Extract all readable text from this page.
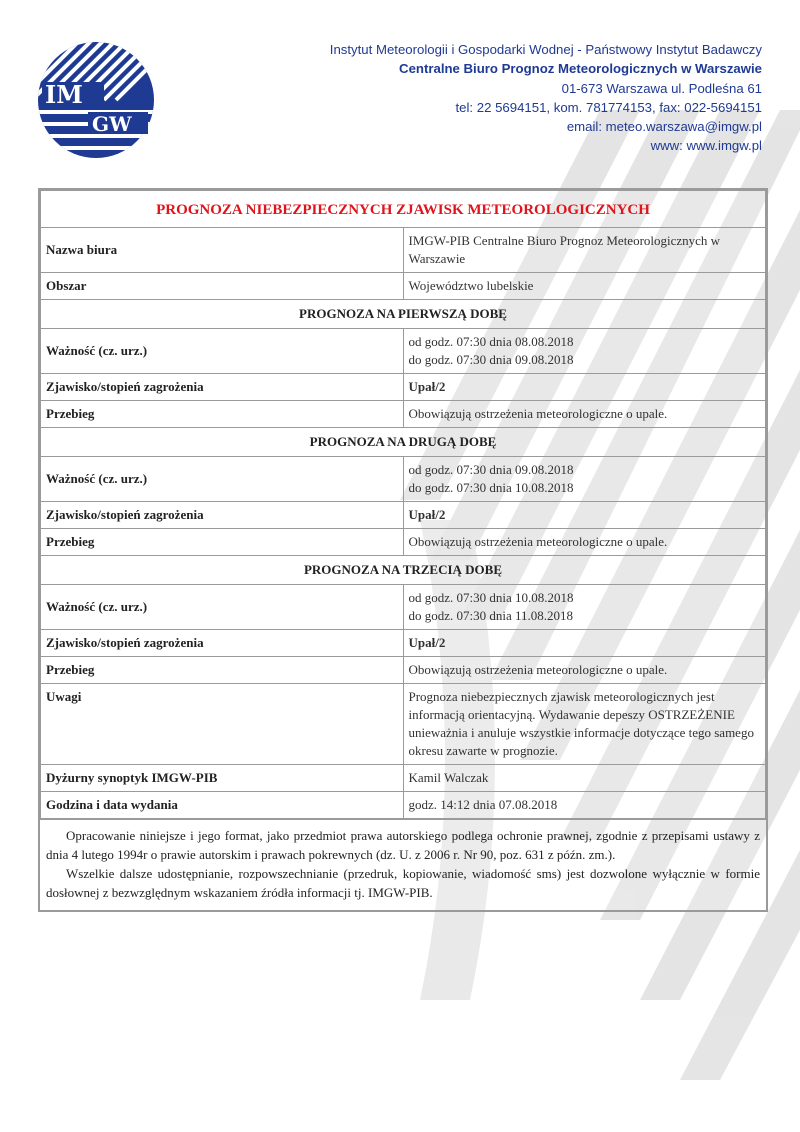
IM
GW
Instytut Meteorologii i Gospodarki Wodnej - Państwowy Instytut Badawczy
Centralne Biuro Prognoz Meteorologicznych w Warszawie
01-673 Warszawa ul. Podleśna 61
tel: 22 5694151, kom. 781774153, fax: 022-5694151
email: meteo.warszawa@imgw.pl
www: www.imgw.pl
PROGNOZA NIEBEZPIECZNYCH ZJAWISK METEOROLOGICZNYCH	
Nazwa biura	IMGW-PIB Centralne Biuro Prognoz Meteorologicznych w Warszawie
Obszar	Województwo lubelskie
PROGNOZA NA PIERWSZĄ DOBĘ	
Ważność (cz. urz.)	od godz. 07:30 dnia 08.08.2018
do godz. 07:30 dnia 09.08.2018

Zjawisko/stopień zagrożenia	Upał/2
Przebieg	Obowiązują ostrzeżenia meteorologiczne o upale.
PROGNOZA NA DRUGĄ DOBĘ	
Ważność (cz. urz.)	od godz. 07:30 dnia 09.08.2018
do godz. 07:30 dnia 10.08.2018

Zjawisko/stopień zagrożenia	Upał/2
Przebieg	Obowiązują ostrzeżenia meteorologiczne o upale.
PROGNOZA NA TRZECIĄ DOBĘ	
Ważność (cz. urz.)	od godz. 07:30 dnia 10.08.2018
do godz. 07:30 dnia 11.08.2018

Zjawisko/stopień zagrożenia	Upał/2
Przebieg	Obowiązują ostrzeżenia meteorologiczne o upale.
Uwagi	Prognoza niebezpiecznych zjawisk meteorologicznych jest informacją orientacyjną. Wydawanie depeszy OSTRZEŻENIE unieważnia i anuluje wszystkie informacje dotyczące tego samego okresu zawarte w prognozie.
Dyżurny synoptyk IMGW-PIB	Kamil Walczak
Godzina i data wydania	godz. 14:12 dnia 07.08.2018

Opracowanie niniejsze i jego format, jako przedmiot prawa autorskiego podlega ochronie prawnej, zgodnie z przepisami ustawy z dnia 4 lutego 1994r o prawie autorskim i prawach pokrewnych (dz. U. z 2006 r. Nr 90, poz. 631 z późn. zm.).

Wszelkie dalsze udostępnianie, rozpowszechnianie (przedruk, kopiowanie, wiadomość sms) jest dozwolone wyłącznie w formie dosłownej z bezwzględnym wskazaniem źródła informacji tj. IMGW-PIB.
